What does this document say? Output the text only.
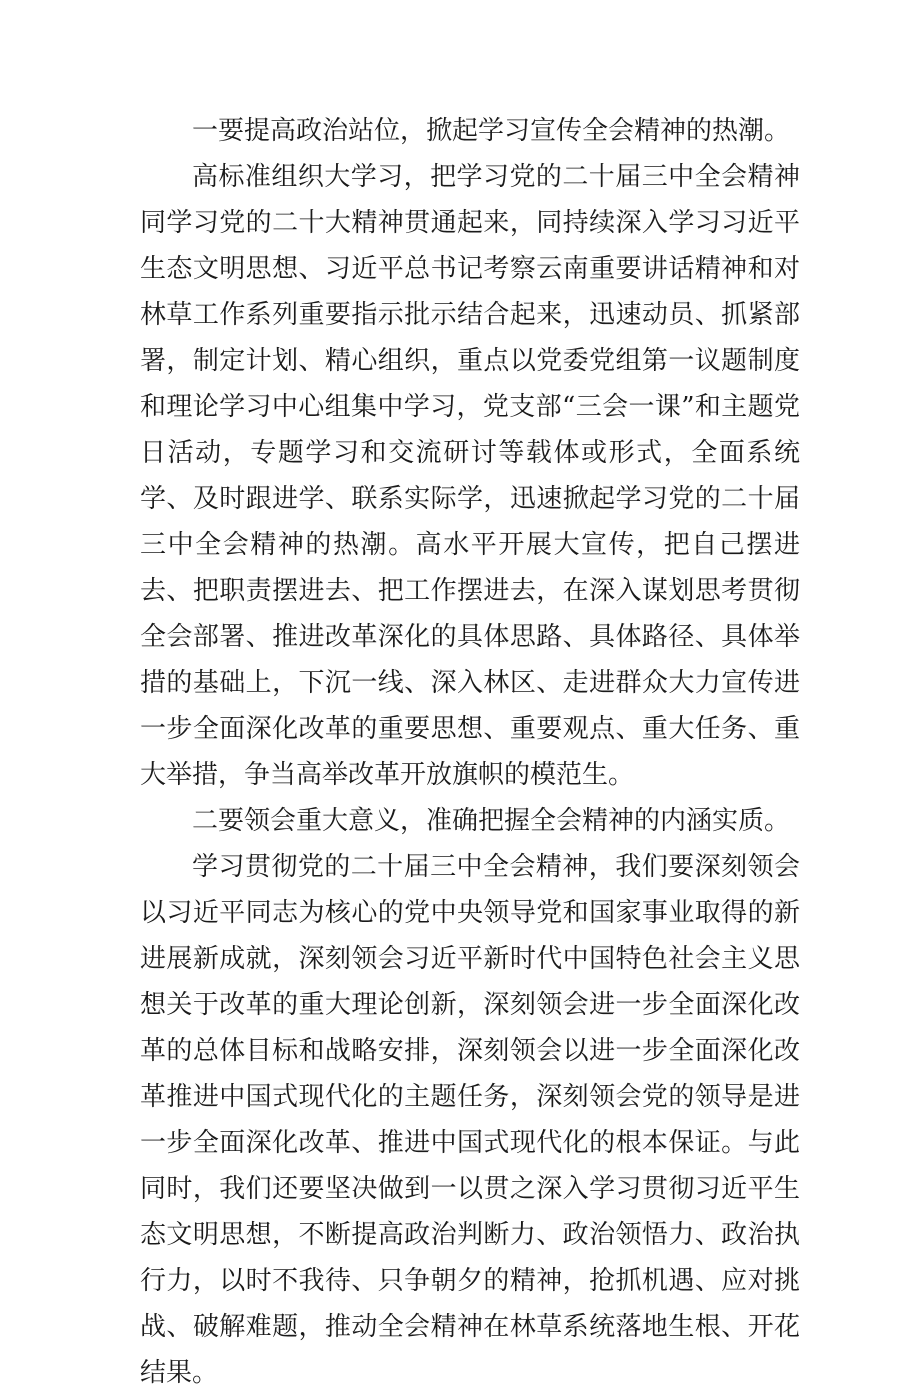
一要提高政治站位，掀起学习宣传全会精神的热潮。

高标准组织大学习，把学习党的二十届三中全会精神同学习党的二十大精神贯通起来，同持续深入学习习近平生态文明思想、习近平总书记考察云南重要讲话精神和对林草工作系列重要指示批示结合起来，迅速动员、抓紧部署，制定计划、精心组织，重点以党委党组第一议题制度和理论学习中心组集中学习，党支部“三会一课”和主题党日活动，专题学习和交流研讨等载体或形式，全面系统学、及时跟进学、联系实际学，迅速掀起学习党的二十届三中全会精神的热潮。高水平开展大宣传，把自己摆进去、把职责摆进去、把工作摆进去，在深入谋划思考贯彻全会部署、推进改革深化的具体思路、具体路径、具体举措的基础上，下沉一线、深入林区、走进群众大力宣传进一步全面深化改革的重要思想、重要观点、重大任务、重大举措，争当高举改革开放旗帜的模范生。

二要领会重大意义，准确把握全会精神的内涵实质。

学习贯彻党的二十届三中全会精神，我们要深刻领会以习近平同志为核心的党中央领导党和国家事业取得的新进展新成就，深刻领会习近平新时代中国特色社会主义思想关于改革的重大理论创新，深刻领会进一步全面深化改革的总体目标和战略安排，深刻领会以进一步全面深化改革推进中国式现代化的主题任务，深刻领会党的领导是进一步全面深化改革、推进中国式现代化的根本保证。与此同时，我们还要坚决做到一以贯之深入学习贯彻习近平生态文明思想，不断提高政治判断力、政治领悟力、政治执行力，以时不我待、只争朝夕的精神，抢抓机遇、应对挑战、破解难题，推动全会精神在林草系统落地生根、开花结果。
